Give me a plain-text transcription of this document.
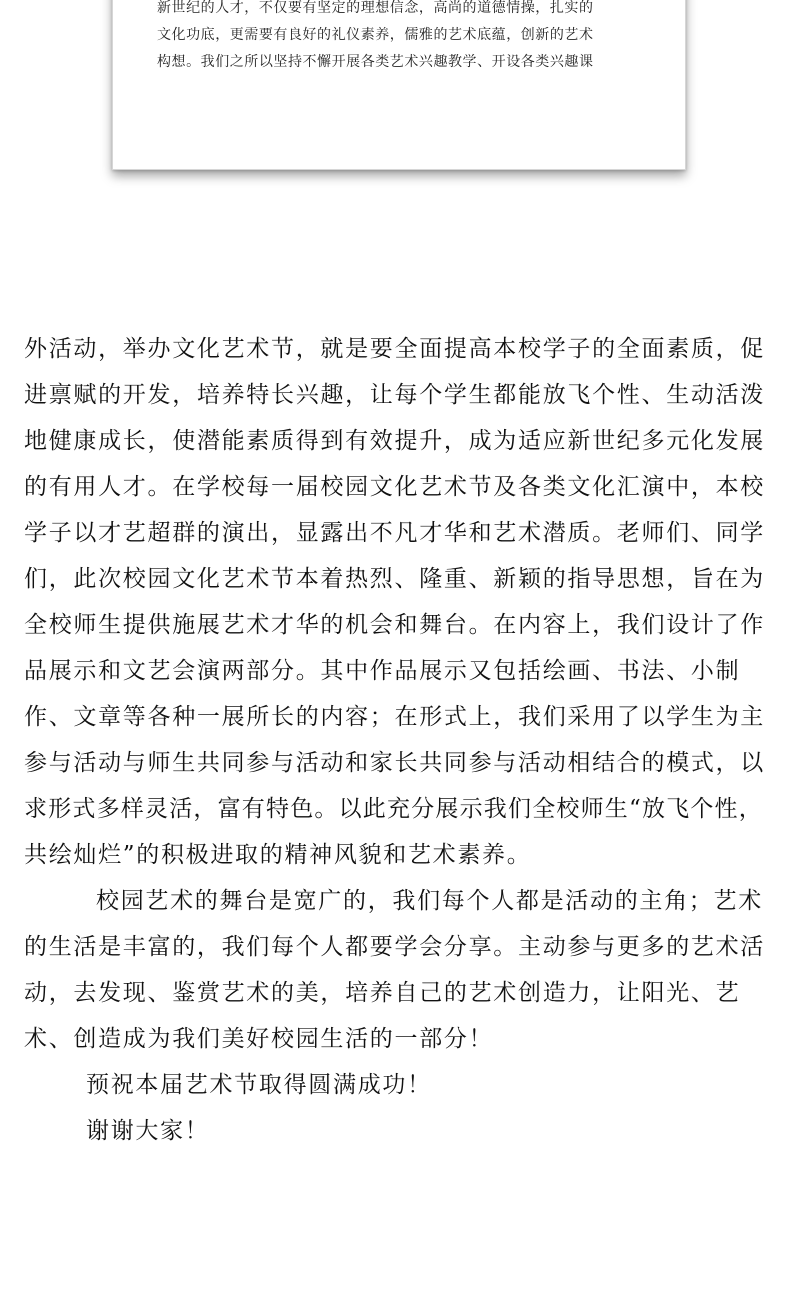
新世纪的人才，不仅要有坚定的理想信念，高尚的道德情操，扎实的
文化功底，更需要有良好的礼仪素养，儒雅的艺术底蕴，创新的艺术
构想。我们之所以坚持不懈开展各类艺术兴趣教学、开设各类兴趣课

外活动，举办文化艺术节，就是要全面提高本校学子的全面素质，促
进禀赋的开发，培养特长兴趣，让每个学生都能放飞个性、生动活泼
地健康成长，使潜能素质得到有效提升，成为适应新世纪多元化发展
的有用人才。在学校每一届校园文化艺术节及各类文化汇演中，本校
学子以才艺超群的演出，显露出不凡才华和艺术潜质。老师们、同学
们，此次校园文化艺术节本着热烈、隆重、新颖的指导思想，旨在为
全校师生提供施展艺术才华的机会和舞台。在内容上，我们设计了作
品展示和文艺会演两部分。其中作品展示又包括绘画、书法、小制
作、文章等各种一展所长的内容；在形式上，我们采用了以学生为主
参与活动与师生共同参与活动和家长共同参与活动相结合的模式，以
求形式多样灵活，富有特色。以此充分展示我们全校师生“放飞个性，
共绘灿烂”的积极进取的精神风貌和艺术素养。
校园艺术的舞台是宽广的，我们每个人都是活动的主角；艺术
的生活是丰富的，我们每个人都要学会分享。主动参与更多的艺术活
动，去发现、鉴赏艺术的美，培养自己的艺术创造力，让阳光、艺
术、创造成为我们美好校园生活的一部分！
预祝本届艺术节取得圆满成功！
谢谢大家！
